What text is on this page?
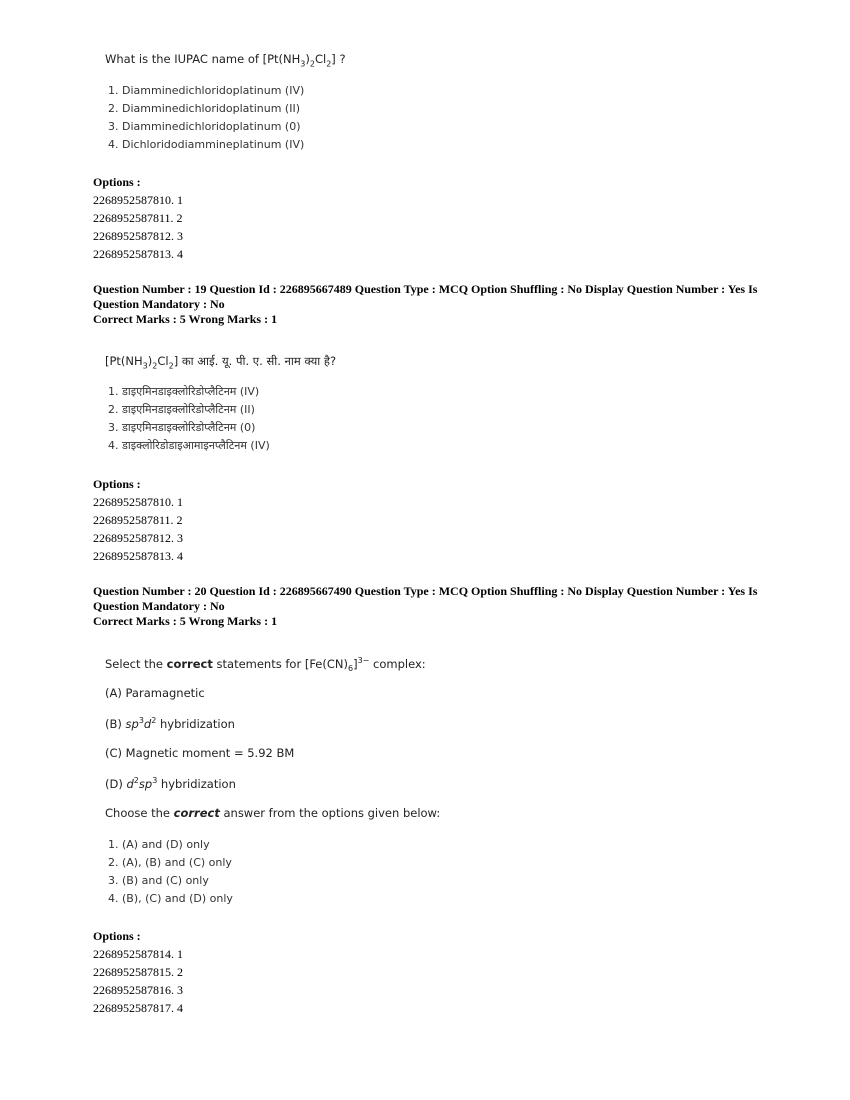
What is the IUPAC name of $[Pt(NH_3)_2Cl_2]$ ?
1. Diamminedichloridoplatinum (IV)
2. Diamminedichloridoplatinum (II)
3. Diamminedichloridoplatinum (0)
4. Dichloridodiammineplatinum (IV)
Options :
2268952587810. 1
2268952587811. 2
2268952587812. 3
2268952587813. 4
Question Number : 19 Question Id : 226895667489 Question Type : MCQ Option Shuffling : No Display Question Number : Yes Is
Question Mandatory : No
Correct Marks : 5 Wrong Marks : 1
$[Pt(NH_3)_2Cl_2]$ का आई. यू. पी. ए. सी. नाम क्या है?
1. डाइएमिनडाइक्लोरिडोप्लैटिनम (IV)
2. डाइएमिनडाइक्लोरिडोप्लैटिनम (II)
3. डाइएमिनडाइक्लोरिडोप्लैटिनम (0)
4. डाइक्लोरिडोडाइआमाइनप्लैटिनम (IV)
Options :
2268952587810. 1
2268952587811. 2
2268952587812. 3
2268952587813. 4
Question Number : 20 Question Id : 226895667490 Question Type : MCQ Option Shuffling : No Display Question Number : Yes Is
Question Mandatory : No
Correct Marks : 5 Wrong Marks : 1
Select the correct statements for $[Fe(CN)_6]^{3-}$ complex:
(A) Paramagnetic
(B) $sp^3d^2$ hybridization
(C) Magnetic moment = 5.92 BM
(D) $d^2sp^3$ hybridization
Choose the correct answer from the options given below:
1. (A) and (D) only
2. (A), (B) and (C) only
3. (B) and (C) only
4. (B), (C) and (D) only
Options :
2268952587814. 1
2268952587815. 2
2268952587816. 3
2268952587817. 4
